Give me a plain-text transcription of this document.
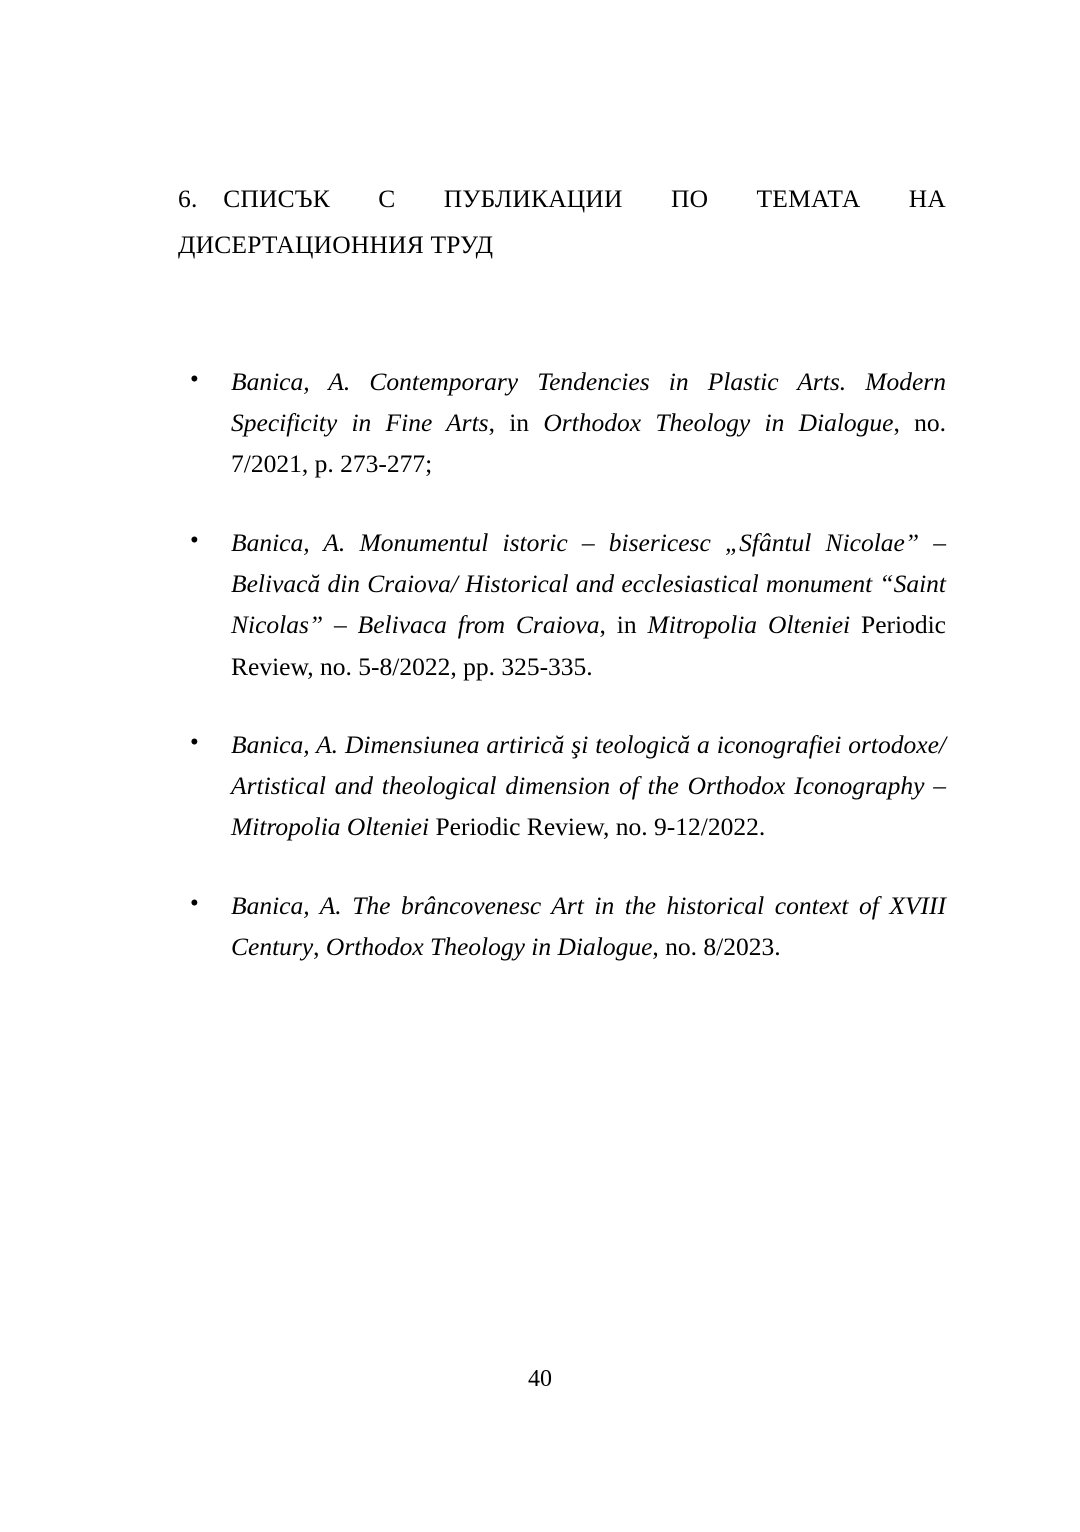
6. СПИСЪК С ПУБЛИКАЦИИ ПО ТЕМАТА НА ДИСЕРТАЦИОННИЯ ТРУД
• Banica, A. Contemporary Tendencies in Plastic Arts. Modern Specificity in Fine Arts, in Orthodox Theology in Dialogue, no. 7/2021, p. 273-277;
• Banica, A. Monumentul istoric – bisericesc „Sfântul Nicolae” – Belivacă din Craiova/ Historical and ecclesiastical monument “Saint Nicolas” – Belivaca from Craiova, in Mitropolia Olteniei Periodic Review, no. 5-8/2022, pp. 325-335.
• Banica, A. Dimensiunea artirică şi teologică a iconografiei ortodoxe/ Artistical and theological dimension of the Orthodox Iconography –Mitropolia Olteniei Periodic Review, no. 9-12/2022.
• Banica, A. The brâncovenesc Art in the historical context of XVIII Century, Orthodox Theology in Dialogue, no. 8/2023.
40
